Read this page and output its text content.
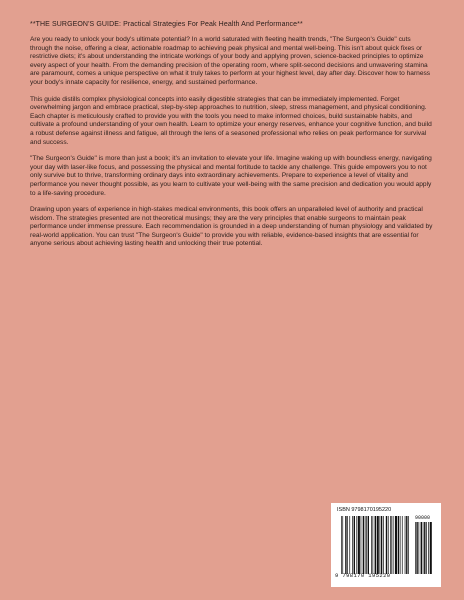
**THE SURGEON'S GUIDE: Practical Strategies For Peak Health And Performance**

Are you ready to unlock your body's ultimate potential? In a world saturated with fleeting health trends, "The Surgeon's Guide" cuts through the noise, offering a clear, actionable roadmap to achieving peak physical and mental well-being. This isn't about quick fixes or restrictive diets; it's about understanding the intricate workings of your body and applying proven, science-backed principles to optimize every aspect of your health. From the demanding precision of the operating room, where split-second decisions and unwavering stamina are paramount, comes a unique perspective on what it truly takes to perform at your highest level, day after day. Discover how to harness your body's innate capacity for resilience, energy, and sustained performance.

This guide distills complex physiological concepts into easily digestible strategies that can be immediately implemented. Forget overwhelming jargon and embrace practical, step-by-step approaches to nutrition, sleep, stress management, and physical conditioning. Each chapter is meticulously crafted to provide you with the tools you need to make informed choices, build sustainable habits, and cultivate a profound understanding of your own health. Learn to optimize your energy reserves, enhance your cognitive function, and build a robust defense against illness and fatigue, all through the lens of a seasoned professional who relies on peak performance for survival and success.

"The Surgeon's Guide" is more than just a book; it's an invitation to elevate your life. Imagine waking up with boundless energy, navigating your day with laser-like focus, and possessing the physical and mental fortitude to tackle any challenge. This guide empowers you to not only survive but to thrive, transforming ordinary days into extraordinary achievements. Prepare to experience a level of vitality and performance you never thought possible, as you learn to cultivate your well-being with the same precision and dedication you would apply to a life-saving procedure.

Drawing upon years of experience in high-stakes medical environments, this book offers an unparalleled level of authority and practical wisdom. The strategies presented are not theoretical musings; they are the very principles that enable surgeons to maintain peak performance under immense pressure. Each recommendation is grounded in a deep understanding of human physiology and validated by real-world application. You can trust "The Surgeon's Guide" to provide you with reliable, evidence-based insights that are essential for anyone serious about achieving lasting health and unlocking their true potential.

ISBN 9798170195220
90000
9 798170 195220
